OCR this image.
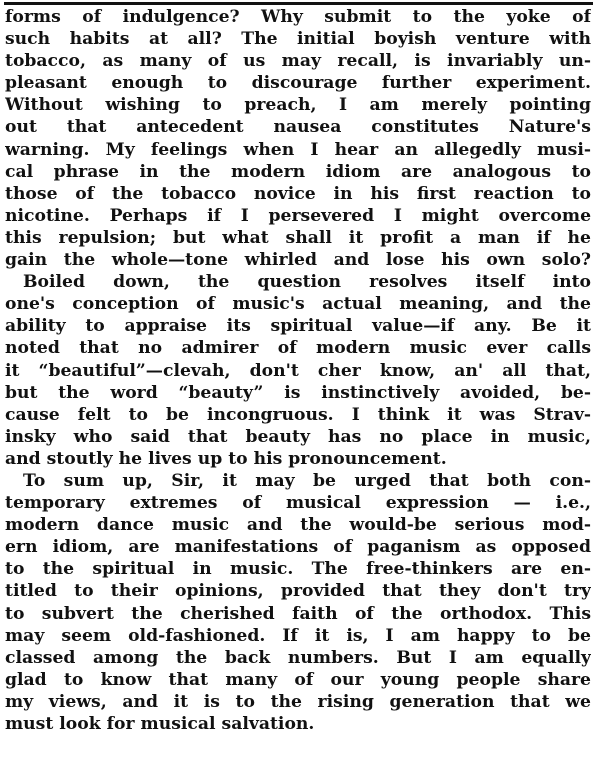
forms of indulgence? Why submit to the yoke of
such habits at all? The initial boyish venture with
tobacco, as many of us may recall, is invariably un-
pleasant enough to discourage further experiment.
Without wishing to preach, I am merely pointing
out that antecedent nausea constitutes Nature's
warning. My feelings when I hear an allegedly musi-
cal phrase in the modern idiom are analogous to
those of the tobacco novice in his first reaction to
nicotine. Perhaps if I persevered I might overcome
this repulsion; but what shall it profit a man if he
gain the whole—tone whirled and lose his own solo?
Boiled down, the question resolves itself into
one's conception of music's actual meaning, and the
ability to appraise its spiritual value—if any. Be it
noted that no admirer of modern music ever calls
it “beautiful”—clevah, don't cher know, an' all that,
but the word “beauty” is instinctively avoided, be-
cause felt to be incongruous. I think it was Strav-
insky who said that beauty has no place in music,
and stoutly he lives up to his pronouncement.
To sum up, Sir, it may be urged that both con-
temporary extremes of musical expression — i.e.,
modern dance music and the would-be serious mod-
ern idiom, are manifestations of paganism as opposed
to the spiritual in music. The free-thinkers are en-
titled to their opinions, provided that they don't try
to subvert the cherished faith of the orthodox. This
may seem old-fashioned. If it is, I am happy to be
classed among the back numbers. But I am equally
glad to know that many of our young people share
my views, and it is to the rising generation that we
must look for musical salvation.
